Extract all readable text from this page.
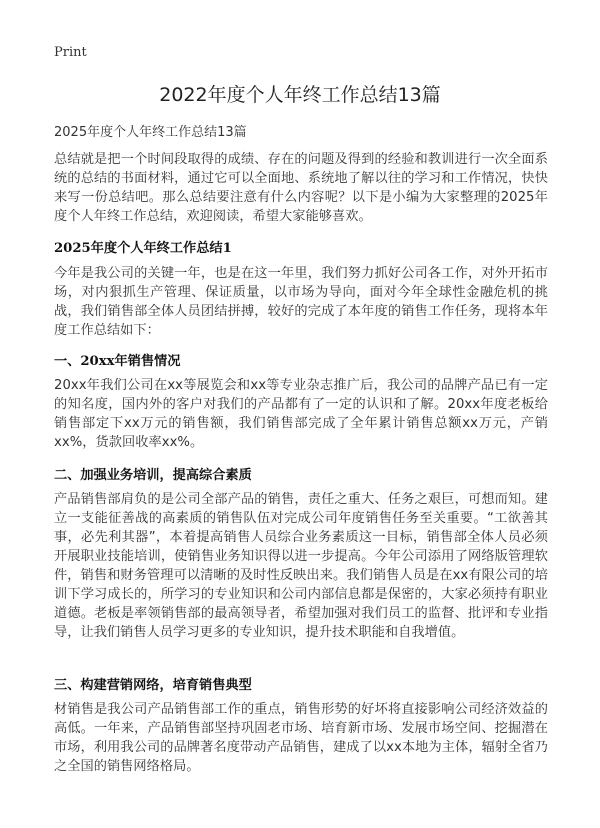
Print
2022年度个人年终工作总结13篇
2025年度个人年终工作总结13篇
总结就是把一个时间段取得的成绩、存在的问题及得到的经验和教训进行一次全面系统的总结的书面材料，通过它可以全面地、系统地了解以往的学习和工作情况，快快来写一份总结吧。那么总结要注意有什么内容呢？以下是小编为大家整理的2025年度个人年终工作总结，欢迎阅读，希望大家能够喜欢。
2025年度个人年终工作总结1
今年是我公司的关键一年，也是在这一年里，我们努力抓好公司各工作，对外开拓市场，对内狠抓生产管理、保证质量，以市场为导向，面对今年全球性金融危机的挑战，我们销售部全体人员团结拼搏，较好的完成了本年度的销售工作任务，现将本年度工作总结如下：
一、20xx年销售情况
20xx年我们公司在xx等展览会和xx等专业杂志推广后，我公司的品牌产品已有一定的知名度，国内外的客户对我们的产品都有了一定的认识和了解。20xx年度老板给销售部定下xx万元的销售额，我们销售部完成了全年累计销售总额xx万元，产销xx%，货款回收率xx%。
二、加强业务培训，提高综合素质
产品销售部肩负的是公司全部产品的销售，责任之重大、任务之艰巨，可想而知。建立一支能征善战的高素质的销售队伍对完成公司年度销售任务至关重要。“工欲善其事，必先利其器”，本着提高销售人员综合业务素质这一目标，销售部全体人员必须开展职业技能培训，使销售业务知识得以进一步提高。今年公司添用了网络版管理软件，销售和财务管理可以清晰的及时性反映出来。我们销售人员是在xx有限公司的培训下学习成长的，所学习的专业知识和公司内部信息都是保密的，大家必须持有职业道德。老板是率领销售部的最高领导者，希望加强对我们员工的监督、批评和专业指导，让我们销售人员学习更多的专业知识，提升技术职能和自我增值。
三、构建营销网络，培育销售典型
材销售是我公司产品销售部工作的重点，销售形势的好坏将直接影响公司经济效益的高低。一年来，产品销售部坚持巩固老市场、培育新市场、发展市场空间、挖掘潜在市场，利用我公司的品牌著名度带动产品销售，建成了以xx本地为主体，辐射全省乃之全国的销售网络格局。
